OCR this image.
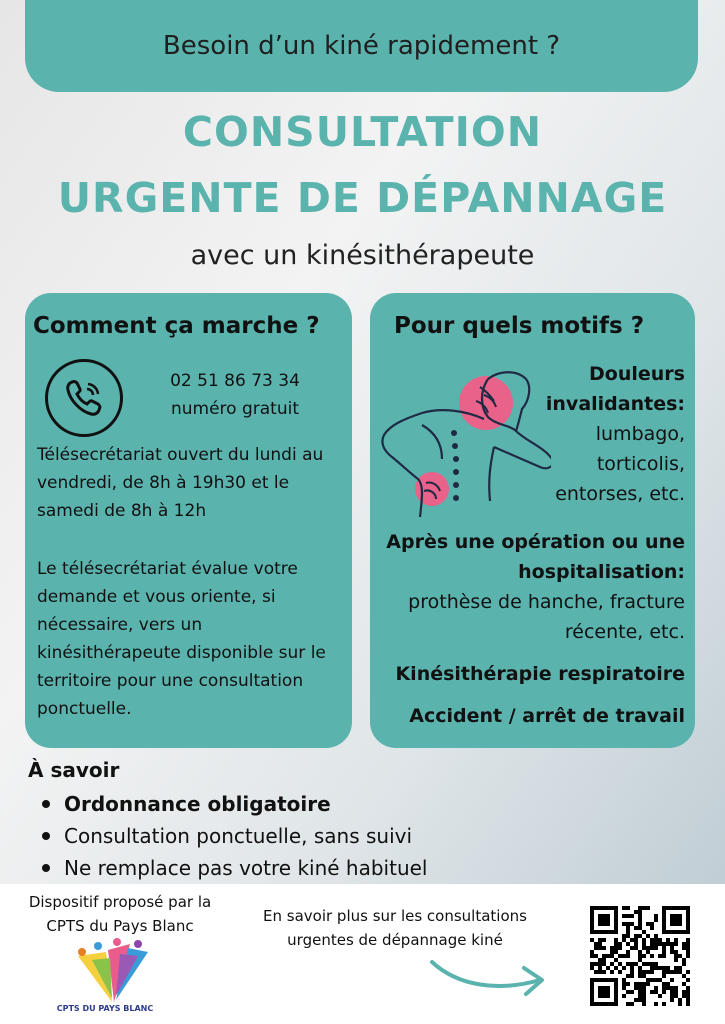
Besoin d’un kiné rapidement ?
CONSULTATION
URGENTE DE DÉPANNAGE
avec un kinésithérapeute
Comment ça marche ?
02 51 86 73 34
numéro gratuit
Télésecrétariat ouvert du lundi au vendredi, de 8h à 19h30 et le samedi de 8h à 12h
Le télésecrétariat évalue votre demande et vous oriente, si nécessaire, vers un kinésithérapeute disponible sur le territoire pour une consultation ponctuelle.
Pour quels motifs ?
Douleurs invalidantes:
lumbago, torticolis, entorses, etc.
Après une opération ou une hospitalisation:
prothèse de hanche, fracture récente, etc.
Kinésithérapie respiratoire
Accident / arrêt de travail
À savoir
Ordonnance obligatoire
Consultation ponctuelle, sans suivi
Ne remplace pas votre kiné habituel
Dispositif proposé par la CPTS du Pays Blanc
CPTS DU PAYS BLANC
En savoir plus sur les consultations urgentes de dépannage kiné
